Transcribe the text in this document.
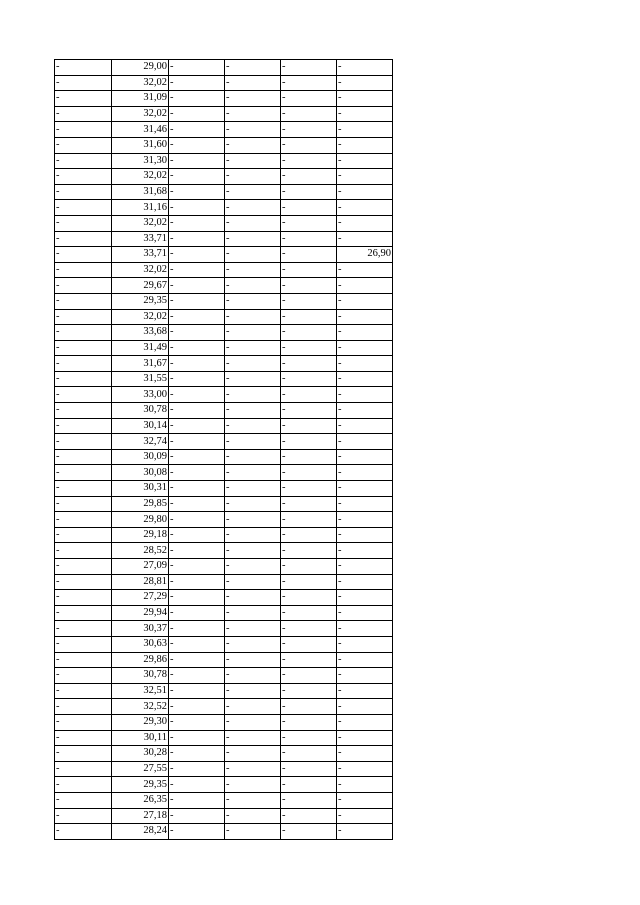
-	29,00	-	-	-	-
-	32,02	-	-	-	-
-	31,09	-	-	-	-
-	32,02	-	-	-	-
-	31,46	-	-	-	-
-	31,60	-	-	-	-
-	31,30	-	-	-	-
-	32,02	-	-	-	-
-	31,68	-	-	-	-
-	31,16	-	-	-	-
-	32,02	-	-	-	-
-	33,71	-	-	-	-
-	33,71	-	-	-	26,90
-	32,02	-	-	-	-
-	29,67	-	-	-	-
-	29,35	-	-	-	-
-	32,02	-	-	-	-
-	33,68	-	-	-	-
-	31,49	-	-	-	-
-	31,67	-	-	-	-
-	31,55	-	-	-	-
-	33,00	-	-	-	-
-	30,78	-	-	-	-
-	30,14	-	-	-	-
-	32,74	-	-	-	-
-	30,09	-	-	-	-
-	30,08	-	-	-	-
-	30,31	-	-	-	-
-	29,85	-	-	-	-
-	29,80	-	-	-	-
-	29,18	-	-	-	-
-	28,52	-	-	-	-
-	27,09	-	-	-	-
-	28,81	-	-	-	-
-	27,29	-	-	-	-
-	29,94	-	-	-	-
-	30,37	-	-	-	-
-	30,63	-	-	-	-
-	29,86	-	-	-	-
-	30,78	-	-	-	-
-	32,51	-	-	-	-
-	32,52	-	-	-	-
-	29,30	-	-	-	-
-	30,11	-	-	-	-
-	30,28	-	-	-	-
-	27,55	-	-	-	-
-	29,35	-	-	-	-
-	26,35	-	-	-	-
-	27,18	-	-	-	-
-	28,24	-	-	-	-
